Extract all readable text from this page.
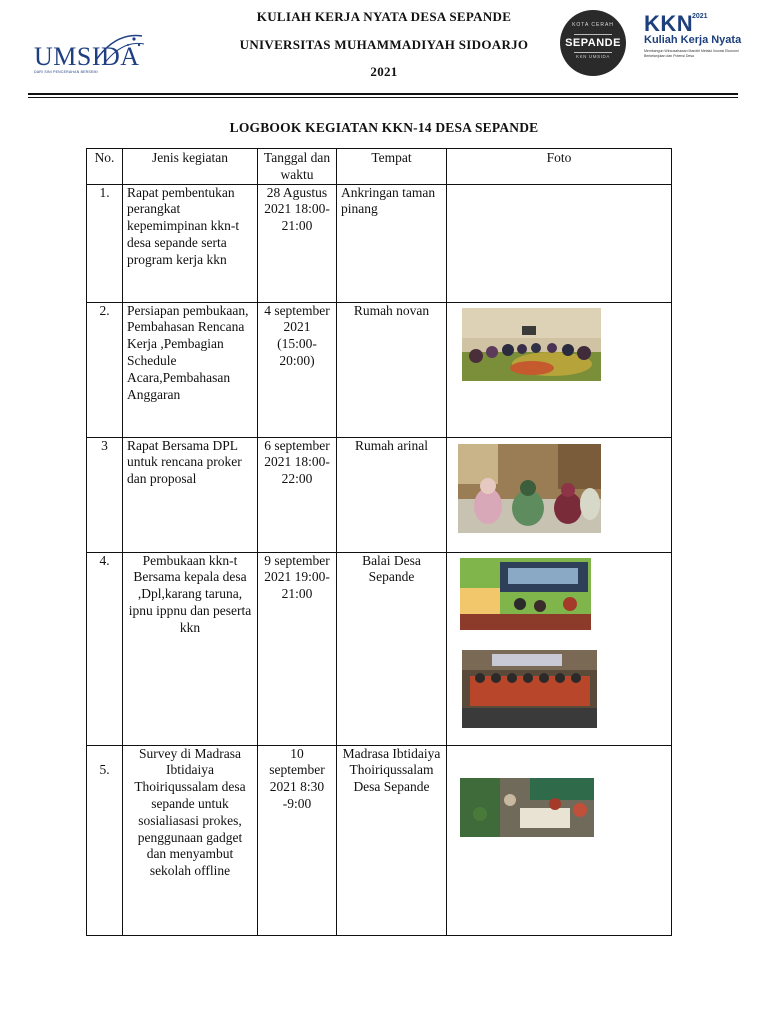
UMSIDA
DARI SINI PENCERAHAN BERSEMI
KULIAH KERJA NYATA DESA SEPANDE
UNIVERSITAS MUHAMMADIYAH SIDOARJO
2021
KOTA CERAH
SEPANDE
KKN UMSIDA
KKN
2021
Kuliah Kerja Nyata
Membangun Wirausahawan Mandiri Melalui Inovasi Ekonomi Berkelanjutan dan Potensi Desa
LOGBOOK KEGIATAN KKN-14 DESA SEPANDE
No.	Jenis kegiatan	Tanggal dan waktu	Tempat	Foto
1.	Rapat pembentukan perangkat kepemimpinan kkn-t desa sepande serta program kerja kkn	28 Agustus 2021 18:00-21:00	Ankringan taman pinang	
2.	Persiapan pembukaan, Pembahasan Rencana Kerja ,Pembagian Schedule Acara,Pembahasan Anggaran	4 september 2021 (15:00-20:00)	Rumah novan	

3	Rapat Bersama DPL untuk rencana proker dan proposal	6 september 2021 18:00-22:00	Rumah arinal	

4.	Pembukaan kkn-t Bersama kepala desa ,Dpl,karang taruna, ipnu ippnu dan peserta kkn	9 september 2021 19:00-21:00	Balai Desa Sepande	

5.	Survey di Madrasa Ibtidaiya Thoiriqussalam desa sepande untuk sosialiasasi prokes, penggunaan gadget dan menyambut sekolah offline	10 september 2021 8:30 -9:00	Madrasa Ibtidaiya Thoiriqussalam Desa Sepande	
